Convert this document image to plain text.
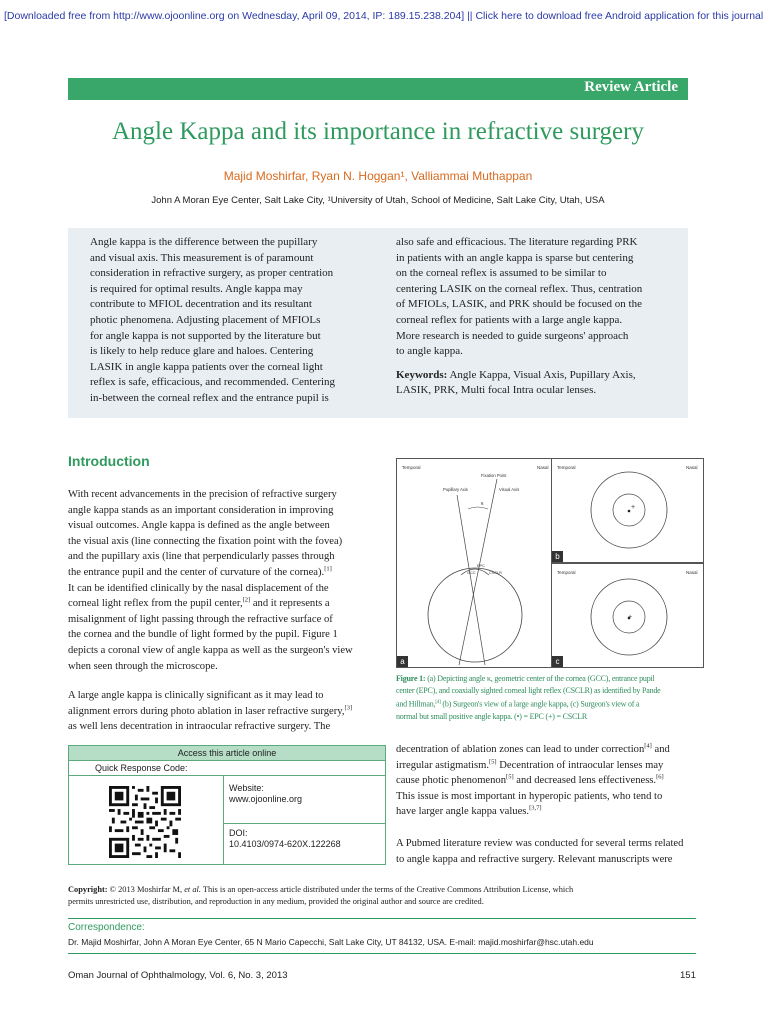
[Downloaded free from http://www.ojoonline.org on Wednesday, April 09, 2014, IP: 189.15.238.204] || Click here to download free Android application for this journal
Review Article
Angle Kappa and its importance in refractive surgery
Majid Moshirfar, Ryan N. Hoggan¹, Valliammai Muthappan
John A Moran Eye Center, Salt Lake City, ¹University of Utah, School of Medicine, Salt Lake City, Utah, USA
Angle kappa is the difference between the pupillary
and visual axis. This measurement is of paramount
consideration in refractive surgery, as proper centration
is required for optimal results. Angle kappa may
contribute to MFIOL decentration and its resultant
photic phenomena. Adjusting placement of MFIOLs
for angle kappa is not supported by the literature but
is likely to help reduce glare and haloes. Centering
LASIK in angle kappa patients over the corneal light
reflex is safe, efficacious, and recommended. Centering
in-between the corneal reflex and the entrance pupil is
also safe and efficacious. The literature regarding PRK
in patients with an angle kappa is sparse but centering
on the corneal reflex is assumed to be similar to
centering LASIK on the corneal reflex. Thus, centration
of MFIOLs, LASIK, and PRK should be focused on the
corneal reflex for patients with a large angle kappa.
More research is needed to guide surgeons' approach
to angle kappa.
Keywords: Angle Kappa, Visual Axis, Pupillary Axis,
LASIK, PRK, Multi focal Intra ocular lenses.
Introduction
With recent advancements in the precision of refractive surgery
angle kappa stands as an important consideration in improving
visual outcomes. Angle kappa is defined as the angle between
the visual axis (line connecting the fixation point with the fovea)
and the pupillary axis (line that perpendicularly passes through
the entrance pupil and the center of curvature of the cornea).[1]
It can be identified clinically by the nasal displacement of the
corneal light reflex from the pupil center,[2] and it represents a
misalignment of light passing through the refractive surface of
the cornea and the bundle of light formed by the pupil. Figure 1
depicts a coronal view of angle kappa as well as the surgeon's view
when seen through the microscope.
A large angle kappa is clinically significant as it may lead to
alignment errors during photo ablation in laser refractive surgery,[3]
as well lens decentration in intraocular refractive surgery. The
Access this article online
Quick Response Code:
Website:
www.ojoonline.org
DOI:
10.4103/0974-620X.122268
Temporal	Nasal
Fixation Point
Pupillary Axis	Visual Axis
κ
EPC
GCC	CSCLR
a
Temporal	Nasal
+
b
Temporal	Nasal
+
c
Figure 1: (a) Depicting angle κ, geometric center of the cornea (GCC), entrance pupil
center (EPC), and coaxially sighted corneal light reflex (CSCLR) as identified by Pande
and Hillman,[4] (b) Surgeon's view of a large angle kappa, (c) Surgeon's view of a
normal but small positive angle kappa. (•) = EPC (+) = CSCLR
decentration of ablation zones can lead to under correction[4] and
irregular astigmatism.[5] Decentration of intraocular lenses may
cause photic phenomenon[5] and decreased lens effectiveness.[6]
This issue is most important in hyperopic patients, who tend to
have larger angle kappa values.[3,7]
A Pubmed literature review was conducted for several terms related
to angle kappa and refractive surgery. Relevant manuscripts were
Copyright: © 2013 Moshirfar M, et al. This is an open-access article distributed under the terms of the Creative Commons Attribution License, which
permits unrestricted use, distribution, and reproduction in any medium, provided the original author and source are credited.
Correspondence:
Dr. Majid Moshirfar, John A Moran Eye Center, 65 N Mario Capecchi, Salt Lake City, UT 84132, USA. E-mail: majid.moshirfar@hsc.utah.edu
Oman Journal of Ophthalmology, Vol. 6, No. 3, 2013	151
